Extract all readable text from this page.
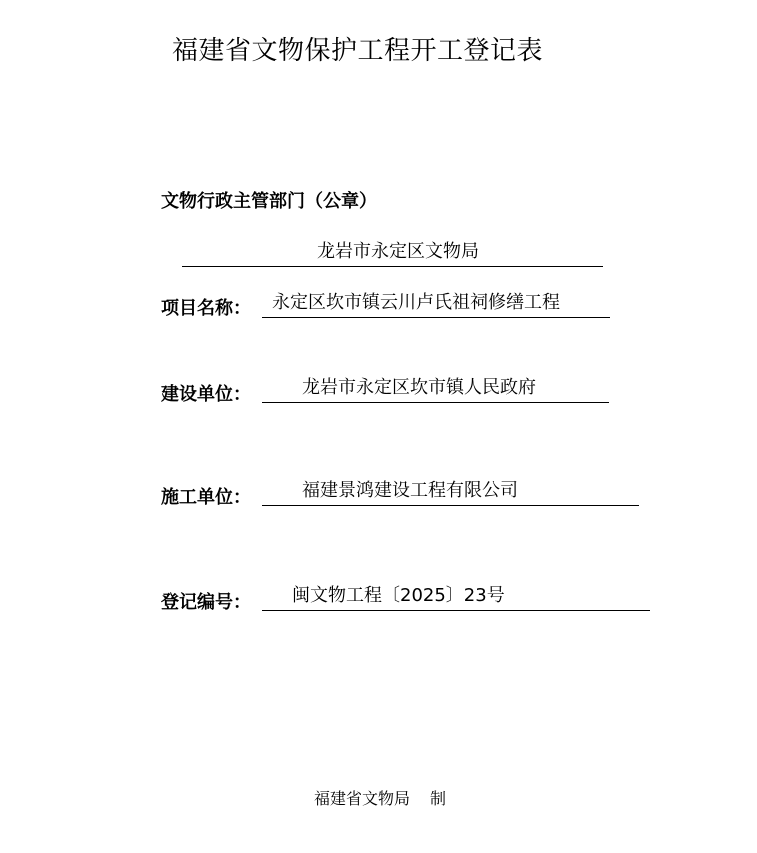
福建省文物保护工程开工登记表
文物行政主管部门（公章）
龙岩市永定区文物局
项目名称： 永定区坎市镇云川卢氏祖祠修缮工程
建设单位：	龙岩市永定区坎市镇人民政府
施工单位：	福建景鸿建设工程有限公司
登记编号： 闽文物工程〔2025〕23号
福建省文物局 制
